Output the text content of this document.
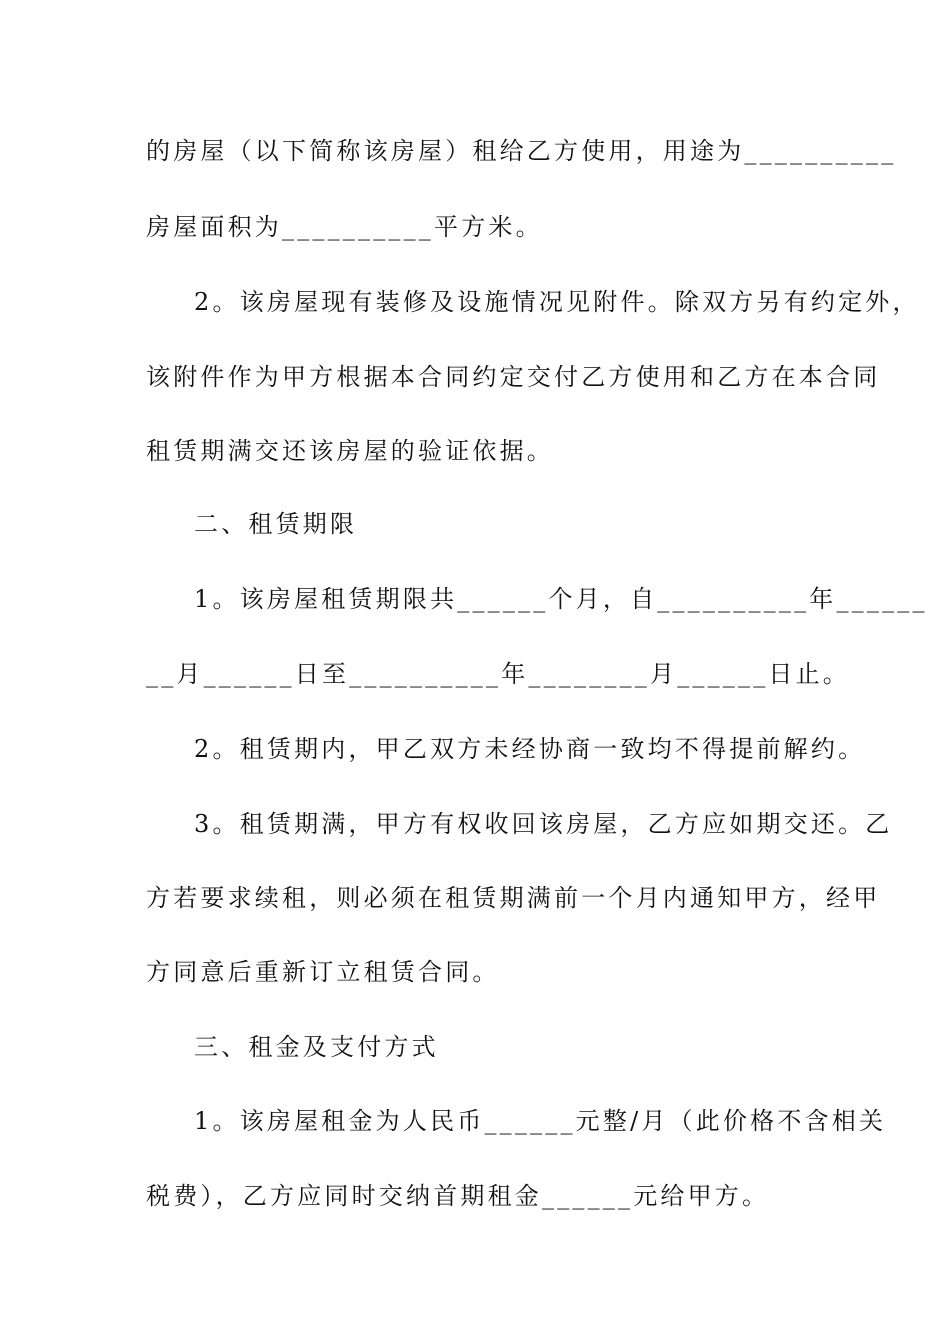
的房屋（以下简称该房屋）租给乙方使用，用途为__________
房屋面积为__________平方米。
2。该房屋现有装修及设施情况见附件。除双方另有约定外，
该附件作为甲方根据本合同约定交付乙方使用和乙方在本合同
租赁期满交还该房屋的验证依据。
二、租赁期限
1。该房屋租赁期限共______个月，自__________年______
__月______日至__________年________月______日止。
2。租赁期内，甲乙双方未经协商一致均不得提前解约。
3。租赁期满，甲方有权收回该房屋，乙方应如期交还。乙
方若要求续租，则必须在租赁期满前一个月内通知甲方，经甲
方同意后重新订立租赁合同。
三、租金及支付方式
1。该房屋租金为人民币______元整/月（此价格不含相关
税费），乙方应同时交纳首期租金______元给甲方。
